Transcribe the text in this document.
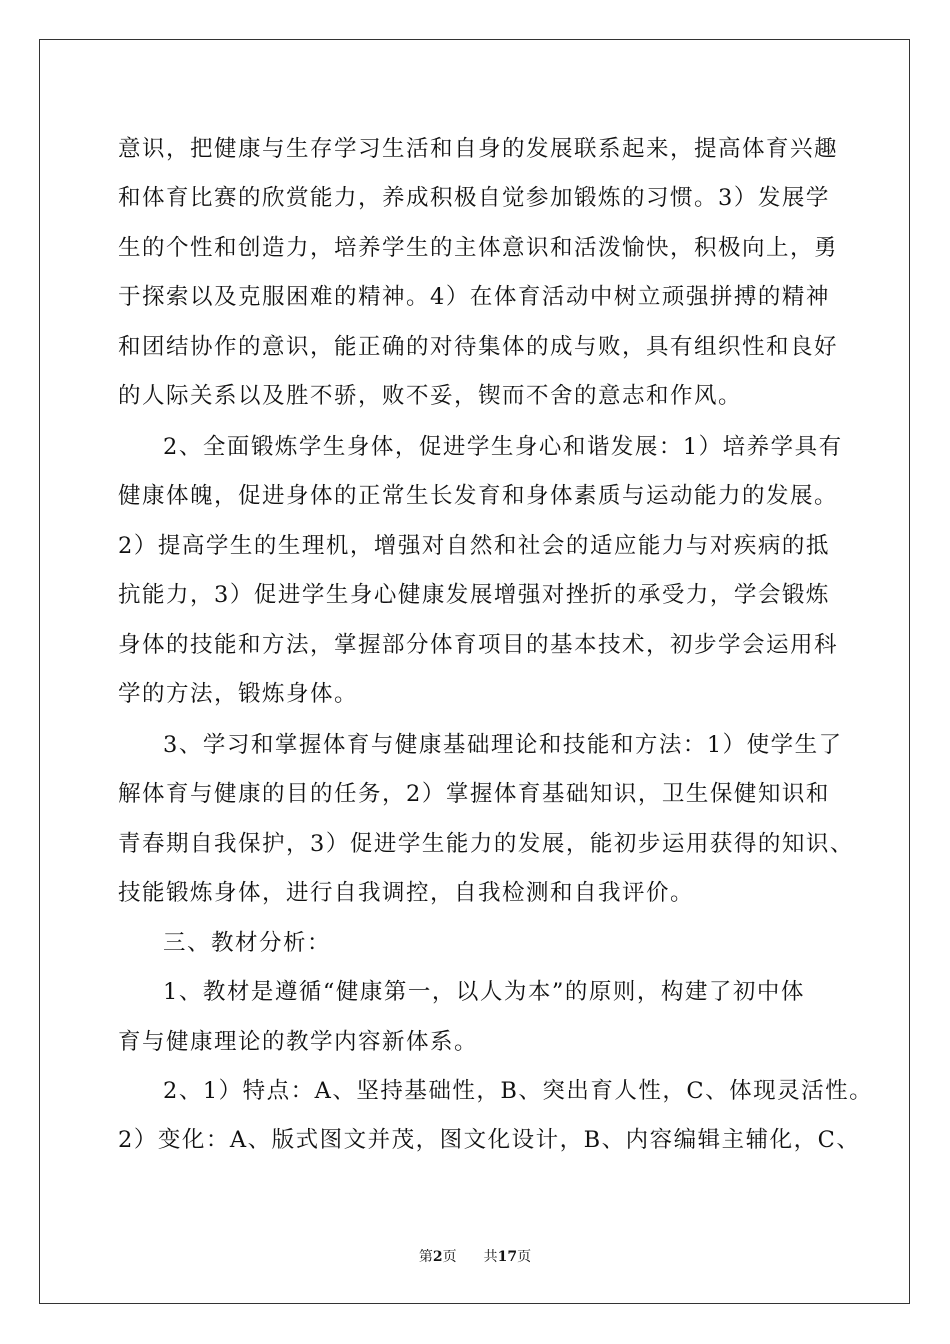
意识，把健康与生存学习生活和自身的发展联系起来，提高体育兴趣
和体育比赛的欣赏能力，养成积极自觉参加锻炼的习惯。3）发展学
生的个性和创造力，培养学生的主体意识和活泼愉快，积极向上，勇
于探索以及克服困难的精神。4）在体育活动中树立顽强拼搏的精神
和团结协作的意识，能正确的对待集体的成与败，具有组织性和良好
的人际关系以及胜不骄，败不妥，锲而不舍的意志和作风。
2、全面锻炼学生身体，促进学生身心和谐发展：1）培养学具有
健康体魄，促进身体的正常生长发育和身体素质与运动能力的发展。
2）提高学生的生理机，增强对自然和社会的适应能力与对疾病的抵
抗能力，3）促进学生身心健康发展增强对挫折的承受力，学会锻炼
身体的技能和方法，掌握部分体育项目的基本技术，初步学会运用科
学的方法，锻炼身体。
3、学习和掌握体育与健康基础理论和技能和方法：1）使学生了
解体育与健康的目的任务，2）掌握体育基础知识，卫生保健知识和
青春期自我保护，3）促进学生能力的发展，能初步运用获得的知识、
技能锻炼身体，进行自我调控，自我检测和自我评价。
三、教材分析：
1、教材是遵循“健康第一，以人为本”的原则，构建了初中体
育与健康理论的教学内容新体系。
2、1）特点：A、坚持基础性，B、突出育人性，C、体现灵活性。
2）变化：A、版式图文并茂，图文化设计，B、内容编辑主辅化，C、
第2页 共17页
